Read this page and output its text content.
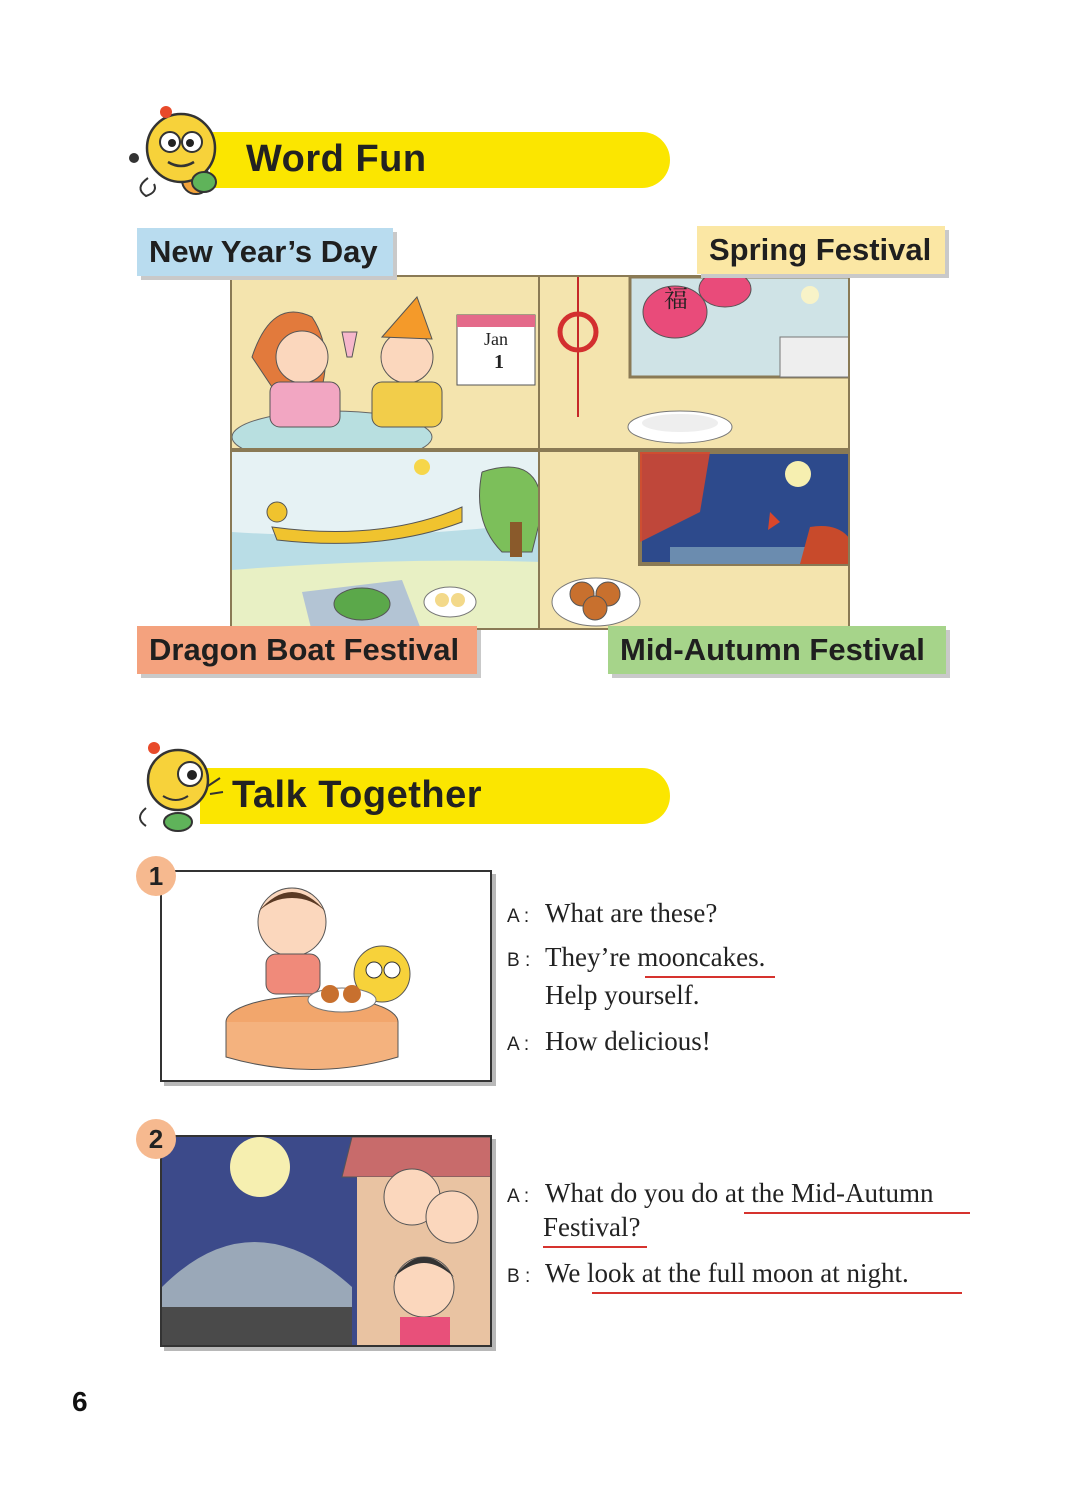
Word Fun
Jan
1
福
New Year’s Day	Spring Festival
Dragon Boat Festival	Mid-Autumn Festival
Talk Together
1
A : What are these?
B : They’re mooncakes.
Help yourself.
A : How delicious!
2
A : What do you do at the Mid-Autumn
Festival?
B : We look at the full moon at night.
6
